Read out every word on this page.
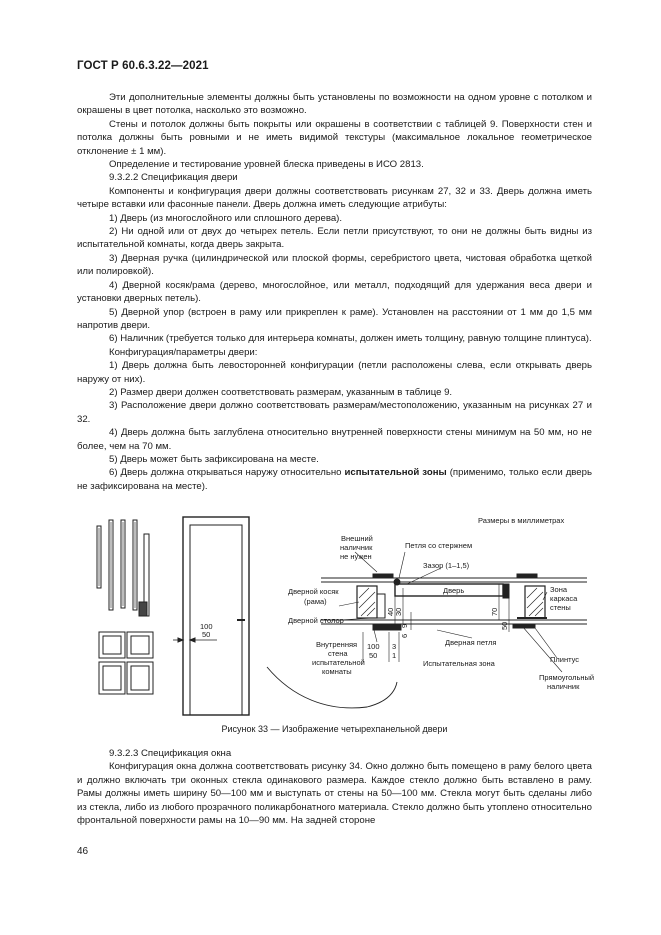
ГОСТ Р 60.6.3.22—2021

Эти дополнительные элементы должны быть установлены по возможности на одном уровне с потолком и окрашены в цвет потолка, насколько это возможно.

Стены и потолок должны быть покрыты или окрашены в соответствии с таблицей 9. Поверхности стен и потолка должны быть ровными и не иметь видимой текстуры (максимальное локальное геометрическое отклонение ± 1 мм).

Определение и тестирование уровней блеска приведены в ИСО 2813.

9.3.2.2 Спецификация двери

Компоненты и конфигурация двери должны соответствовать рисункам 27, 32 и 33. Дверь должна иметь четыре вставки или фасонные панели. Дверь должна иметь следующие атрибуты:

1) Дверь (из многослойного или сплошного дерева).

2) Ни одной или от двух до четырех петель. Если петли присутствуют, то они не должны быть видны из испытательной комнаты, когда дверь закрыта.

3) Дверная ручка (цилиндрической или плоской формы, серебристого цвета, чистовая обработка щеткой или полировкой).

4) Дверной косяк/рама (дерево, многослойное, или металл, подходящий для удержания веса двери и установки дверных петель).

5) Дверной упор (встроен в раму или прикреплен к раме). Установлен на расстоянии от 1 мм до 1,5 мм напротив двери.

6) Наличник (требуется только для интерьера комнаты, должен иметь толщину, равную толщине плинтуса).

Конфигурация/параметры двери:

1) Дверь должна быть левосторонней конфигурации (петли расположены слева, если открывать дверь наружу от них).

2) Размер двери должен соответствовать размерам, указанным в таблице 9.

3) Расположение двери должно соответствовать размерам/местоположению, указанным на рисунках 27 и 32.

4) Дверь должна быть заглублена относительно внутренней поверхности стены минимум на 50 мм, но не более, чем на 70 мм.

5) Дверь может быть зафиксирована на месте.

6) Дверь должна открываться наружу относительно испытательной зоны (применимо, только если дверь не зафиксирована на месте).

Размеры в миллиметрах
Внешний
наличник
не нужен
Петля со стержнем
Зазор (1–1,5)
Дверь
Дверной косяк
(рама)
Дверной столор
Дверная петля
Испытательная зона
Внутренняя
стена
испытательной
комнаты
Зона
каркаса
стены
Плинтус
Прямоугольный
наличник
100
50
100
50
3
1
40 30
9
6
70
50
Рисунок 33 — Изображение четырехпанельной двери

9.3.2.3 Спецификация окна

Конфигурация окна должна соответствовать рисунку 34. Окно должно быть помещено в раму белого цвета и должно включать три оконных стекла одинакового размера. Каждое стекло должно быть вставлено в раму. Рамы должны иметь ширину 50—100 мм и выступать от стены на 50—100 мм. Стекла могут быть сделаны либо из стекла, либо из любого прозрачного поликарбонатного материала. Стекло должно быть утоплено относительно фронтальной поверхности рамы на 10—90 мм. На задней стороне

46
